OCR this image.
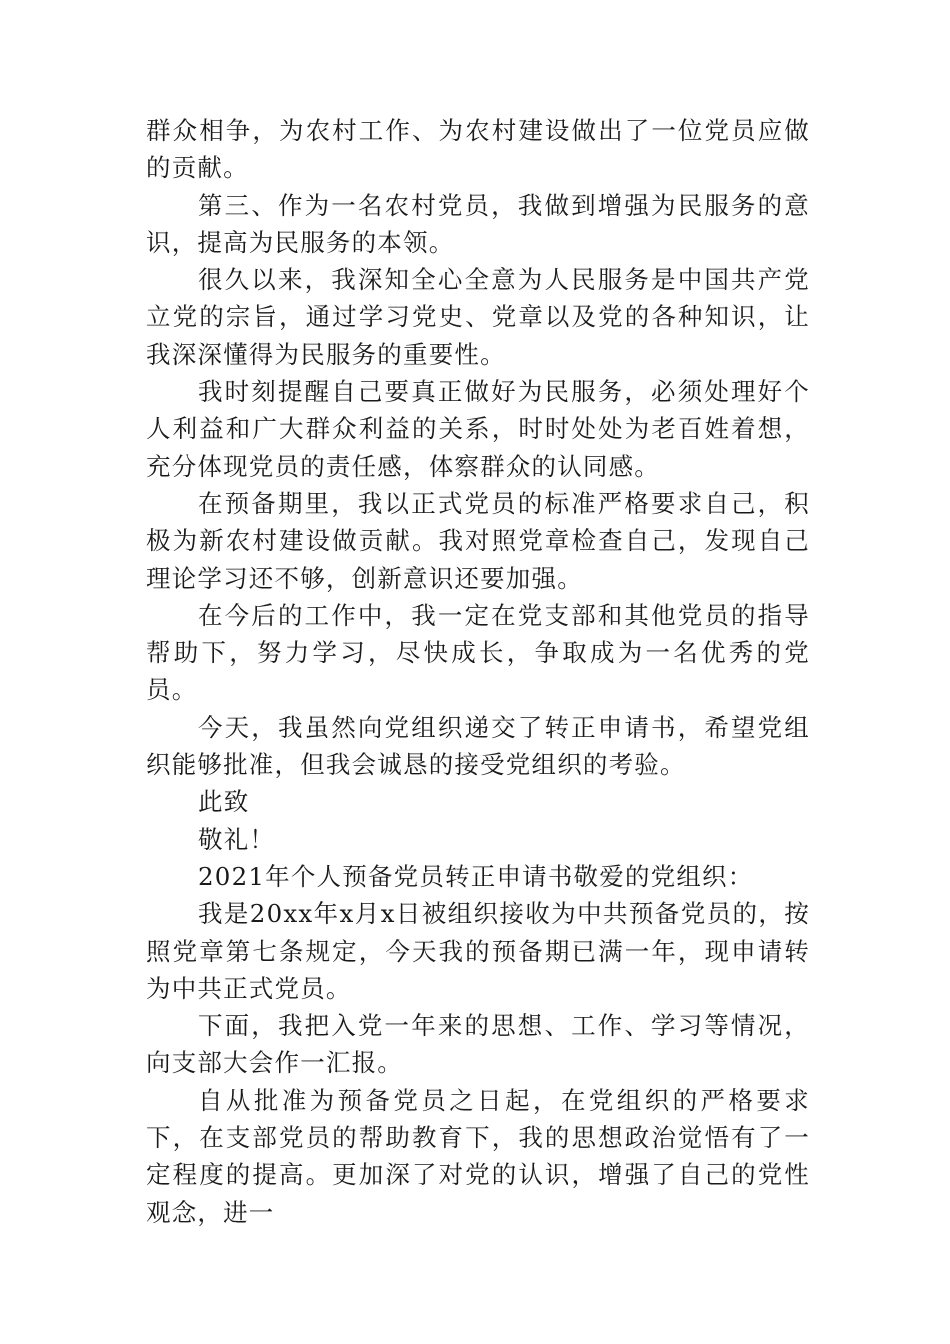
群众相争，为农村工作、为农村建设做出了一位党员应做的贡献。

第三、作为一名农村党员，我做到增强为民服务的意识，提高为民服务的本领。

很久以来，我深知全心全意为人民服务是中国共产党立党的宗旨，通过学习党史、党章以及党的各种知识，让我深深懂得为民服务的重要性。

我时刻提醒自己要真正做好为民服务，必须处理好个人利益和广大群众利益的关系，时时处处为老百姓着想，充分体现党员的责任感，体察群众的认同感。

在预备期里，我以正式党员的标准严格要求自己，积极为新农村建设做贡献。我对照党章检查自己，发现自己理论学习还不够，创新意识还要加强。

在今后的工作中，我一定在党支部和其他党员的指导帮助下，努力学习，尽快成长，争取成为一名优秀的党员。

今天，我虽然向党组织递交了转正申请书，希望党组织能够批准，但我会诚恳的接受党组织的考验。

此致

敬礼！

2021年个人预备党员转正申请书敬爱的党组织：

我是20xx年x月x日被组织接收为中共预备党员的，按照党章第七条规定，今天我的预备期已满一年，现申请转为中共正式党员。

下面，我把入党一年来的思想、工作、学习等情况，向支部大会作一汇报。

自从批准为预备党员之日起，在党组织的严格要求下，在支部党员的帮助教育下，我的思想政治觉悟有了一定程度的提高。更加深了对党的认识，增强了自己的党性观念，进一
